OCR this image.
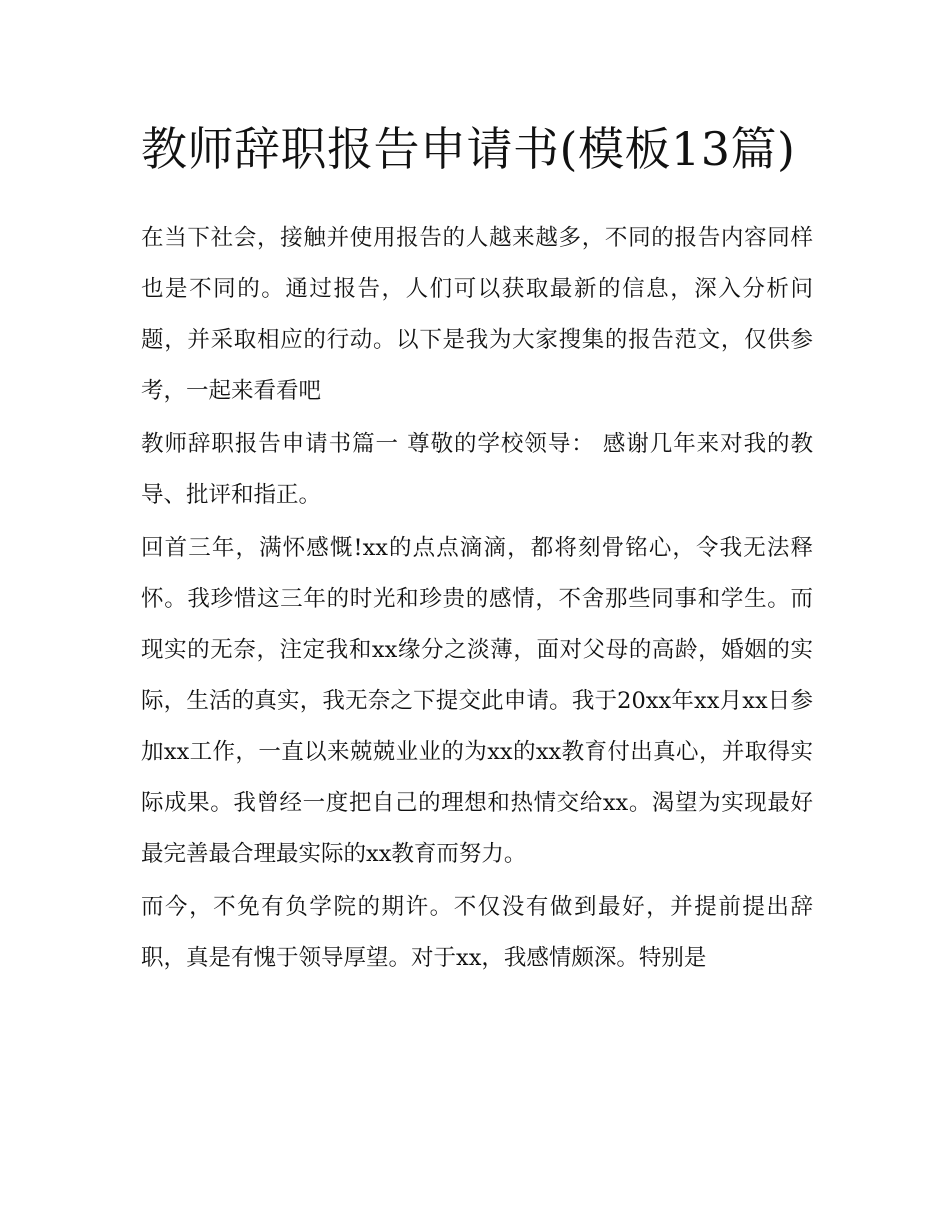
教师辞职报告申请书(模板13篇)

在当下社会，接触并使用报告的人越来越多，不同的报告内容同样也是不同的。通过报告，人们可以获取最新的信息，深入分析问题，并采取相应的行动。以下是我为大家搜集的报告范文，仅供参考，一起来看看吧

教师辞职报告申请书篇一 尊敬的学校领导： 感谢几年来对我的教导、批评和指正。

回首三年，满怀感慨!xx的点点滴滴，都将刻骨铭心，令我无法释怀。我珍惜这三年的时光和珍贵的感情，不舍那些同事和学生。而现实的无奈，注定我和xx缘分之淡薄，面对父母的高龄，婚姻的实际，生活的真实，我无奈之下提交此申请。我于20xx年xx月xx日参加xx工作，一直以来兢兢业业的为xx的xx教育付出真心，并取得实际成果。我曾经一度把自己的理想和热情交给xx。渴望为实现最好最完善最合理最实际的xx教育而努力。

而今，不免有负学院的期许。不仅没有做到最好，并提前提出辞职，真是有愧于领导厚望。对于xx，我感情颇深。特别是
